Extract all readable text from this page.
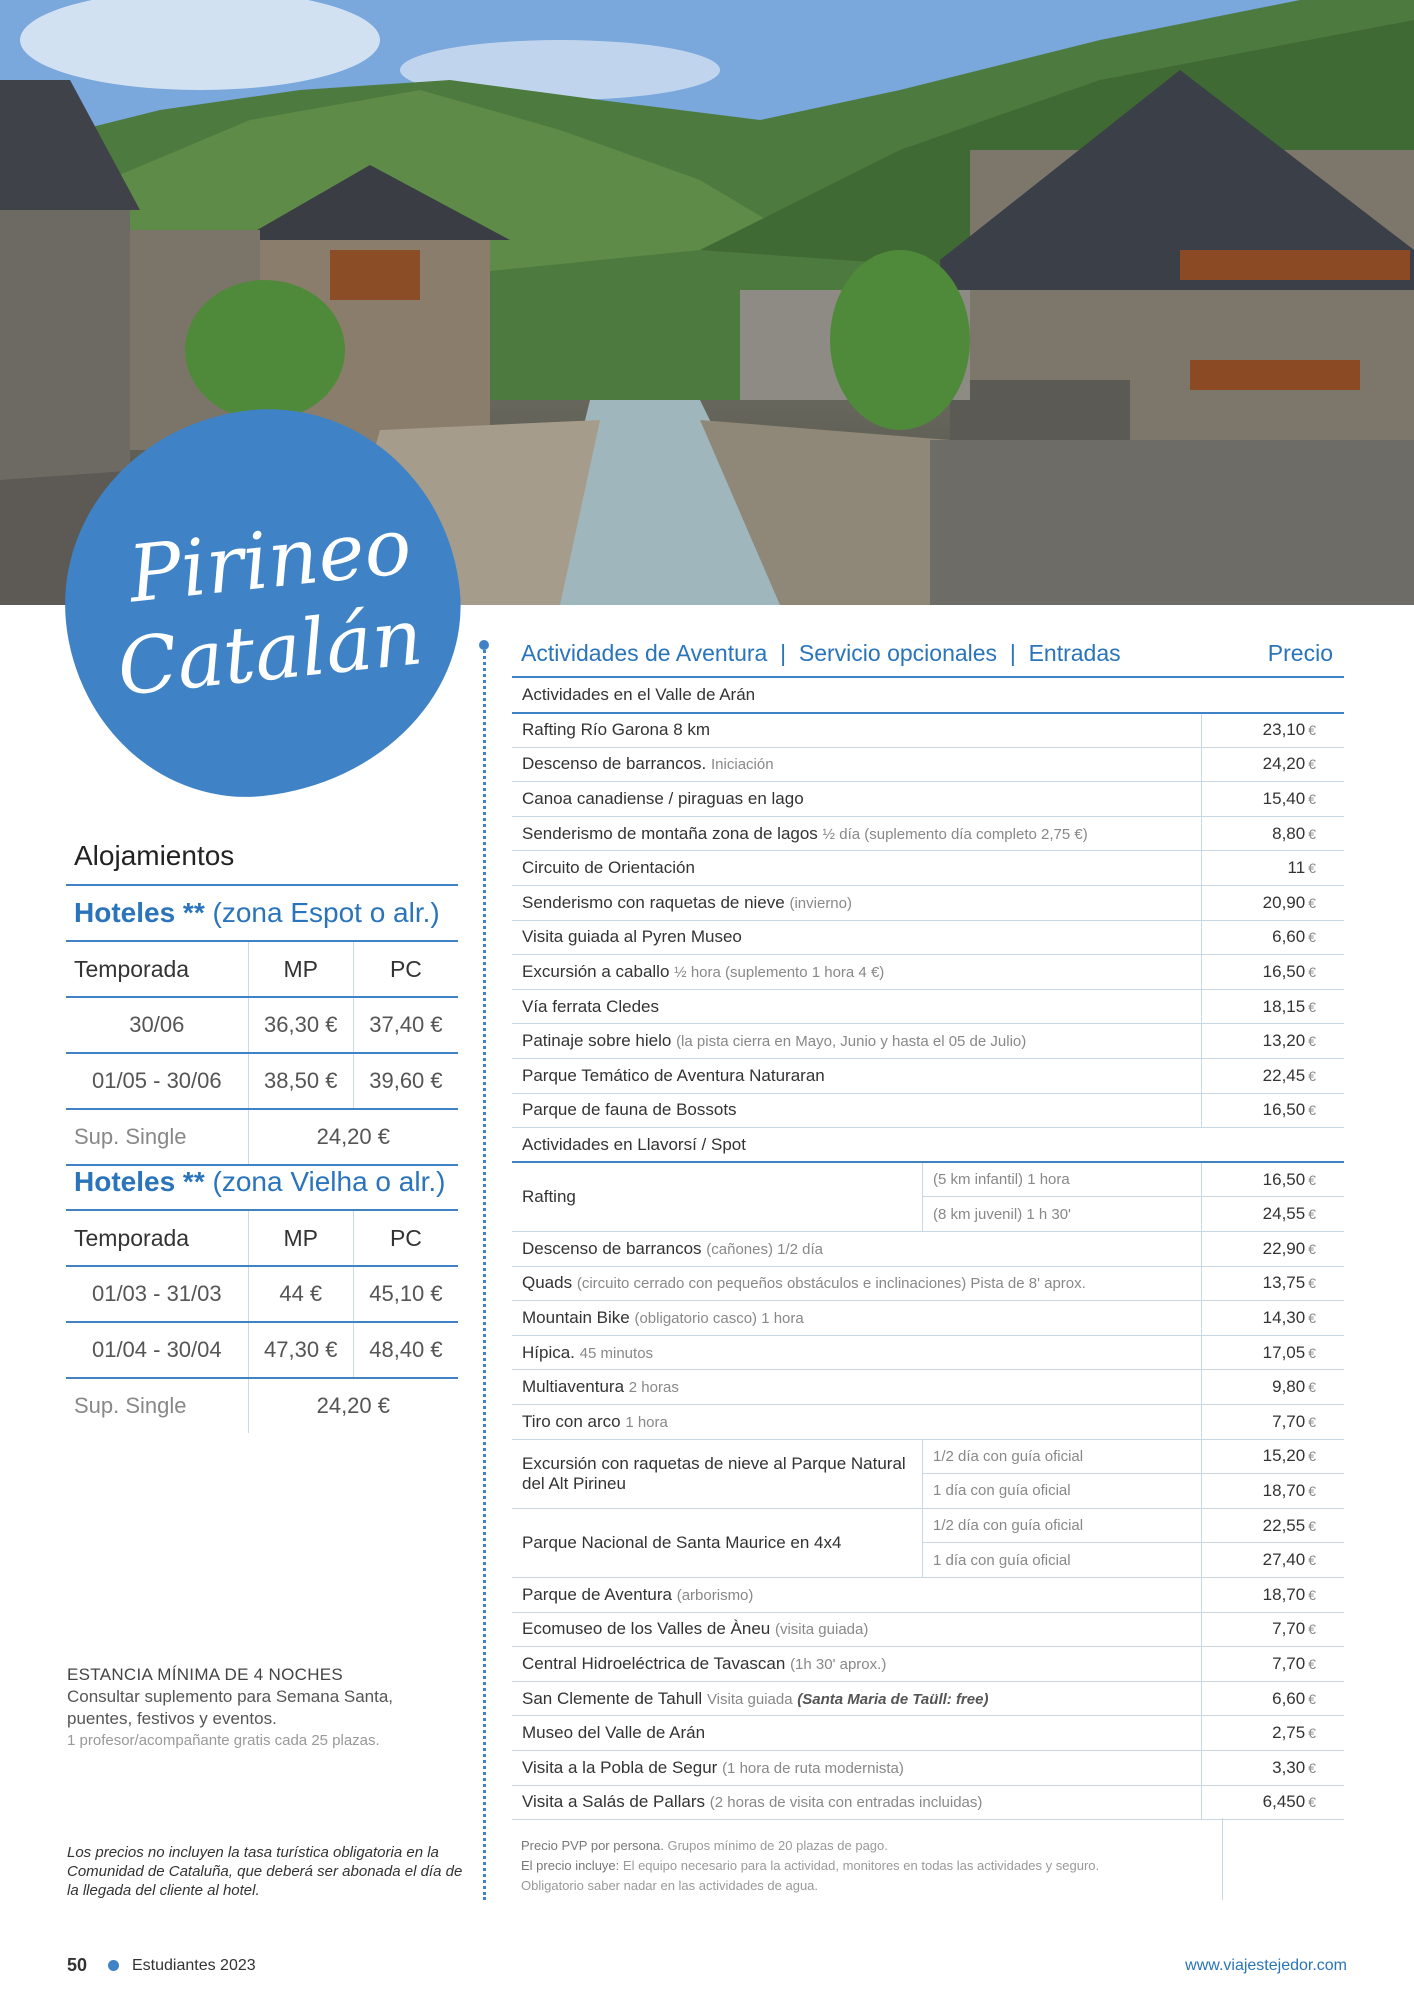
Pirineo
Catalán
Alojamientos
Hoteles ** (zona Espot o alr.)
Temporada	MP	PC
30/06	36,30 €	37,40 €
01/05 - 30/06	38,50 €	39,60 €
Sup. Single	24,20 €	
Hoteles ** (zona Vielha o alr.)
Temporada	MP	PC
01/03 - 31/03	44 €	45,10 €
01/04 - 30/04	47,30 €	48,40 €
Sup. Single	24,20 €	
ESTANCIA MÍNIMA DE 4 NOCHES
Consultar suplemento para Semana Santa, puentes, festivos y eventos.
1 profesor/acompañante gratis cada 25 plazas.
Los precios no incluyen la tasa turística obligatoria en la Comunidad de Cataluña, que deberá ser abonada el día de la llegada del cliente al hotel.
Actividades de Aventura  |  Servicio opcionales  |  Entradas	Precio
Actividades en el Valle de Arán		
Rafting Río Garona 8 km		23,10 €
Descenso de barrancos. Iniciación		24,20 €
Canoa canadiense / piraguas en lago		15,40 €
Senderismo de montaña zona de lagos ½ día (suplemento día completo 2,75 €)		8,80 €
Circuito de Orientación		11 €
Senderismo con raquetas de nieve (invierno)		20,90 €
Visita guiada al Pyren Museo		6,60 €
Excursión a caballo ½ hora (suplemento 1 hora 4 €)		16,50 €
Vía ferrata Cledes		18,15 €
Patinaje sobre hielo (la pista cierra en Mayo, Junio y hasta el 05 de Julio)		13,20 €
Parque Temático de Aventura Naturaran		22,45 €
Parque de fauna de Bossots		16,50 €
Actividades en Llavorsí / Spot		
Rafting	(5 km infantil) 1 hora	16,50 €
	(8 km juvenil) 1 h 30'	24,55 €
Descenso de barrancos (cañones) 1/2 día		22,90 €
Quads (circuito cerrado con pequeños obstáculos e inclinaciones) Pista de 8' aprox.		13,75 €
Mountain Bike (obligatorio casco) 1 hora		14,30 €
Hípica. 45 minutos		17,05 €
Multiaventura 2 horas		9,80 €
Tiro con arco 1 hora		7,70 €
Excursión con raquetas de nieve al Parque Natural del Alt Pirineu	1/2 día con guía oficial	15,20 €
	1 día con guía oficial	18,70 €
Parque Nacional de Santa Maurice en 4x4	1/2 día con guía oficial	22,55 €
	1 día con guía oficial	27,40 €
Parque de Aventura (arborismo)		18,70 €
Ecomuseo de los Valles de Àneu (visita guiada)		7,70 €
Central Hidroeléctrica de Tavascan (1h 30' aprox.)		7,70 €
San Clemente de Tahull Visita guiada (Santa Maria de Taüll: free)		6,60 €
Museo del Valle de Arán		2,75 €
Visita a la Pobla de Segur (1 hora de ruta modernista)		3,30 €
Visita a Salás de Pallars (2 horas de visita con entradas incluidas)		6,450 €
Precio PVP por persona. Grupos mínimo de 20 plazas de pago.
El precio incluye: El equipo necesario para la actividad, monitores en todas las actividades y seguro. Obligatorio saber nadar en las actividades de agua.
50	Estudiantes 2023	www.viajestejedor.com
